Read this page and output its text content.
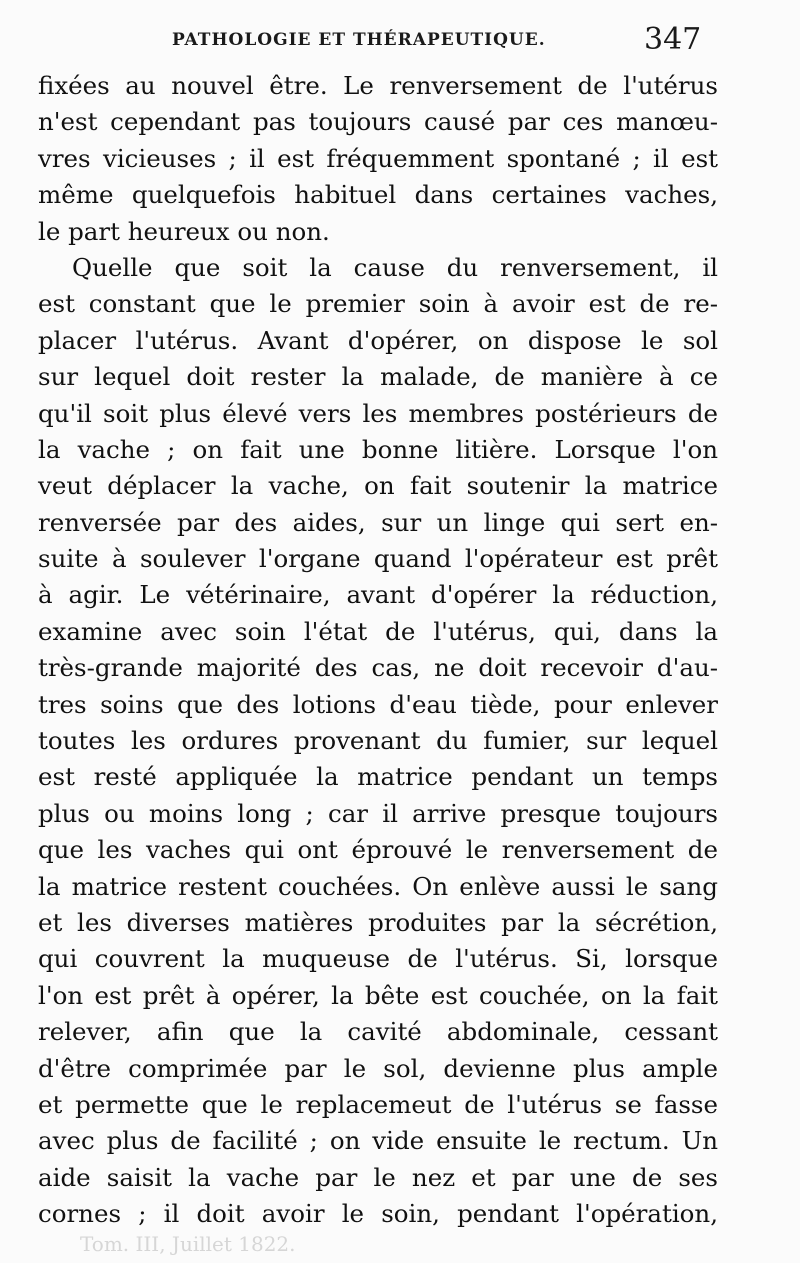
PATHOLOGIE ET THÉRAPEUTIQUE.	347
fixées au nouvel être. Le renversement de l'utérus
n'est cependant pas toujours causé par ces manœu-
vres vicieuses ; il est fréquemment spontané ; il est
même quelquefois habituel dans certaines vaches,
le part heureux ou non.
Quelle que soit la cause du renversement, il
est constant que le premier soin à avoir est de re-
placer l'utérus. Avant d'opérer, on dispose le sol
sur lequel doit rester la malade, de manière à ce
qu'il soit plus élevé vers les membres postérieurs de
la vache ; on fait une bonne litière. Lorsque l'on
veut déplacer la vache, on fait soutenir la matrice
renversée par des aides, sur un linge qui sert en-
suite à soulever l'organe quand l'opérateur est prêt
à agir. Le vétérinaire, avant d'opérer la réduction,
examine avec soin l'état de l'utérus, qui, dans la
très-grande majorité des cas, ne doit recevoir d'au-
tres soins que des lotions d'eau tiède, pour enlever
toutes les ordures provenant du fumier, sur lequel
est resté appliquée la matrice pendant un temps
plus ou moins long ; car il arrive presque toujours
que les vaches qui ont éprouvé le renversement de
la matrice restent couchées. On enlève aussi le sang
et les diverses matières produites par la sécrétion,
qui couvrent la muqueuse de l'utérus. Si, lorsque
l'on est prêt à opérer, la bête est couchée, on la fait
relever, afin que la cavité abdominale, cessant
d'être comprimée par le sol, devienne plus ample
et permette que le replacemeut de l'utérus se fasse
avec plus de facilité ; on vide ensuite le rectum. Un
aide saisit la vache par le nez et par une de ses
cornes ; il doit avoir le soin, pendant l'opération,
Tom. III, Juillet 1822.
